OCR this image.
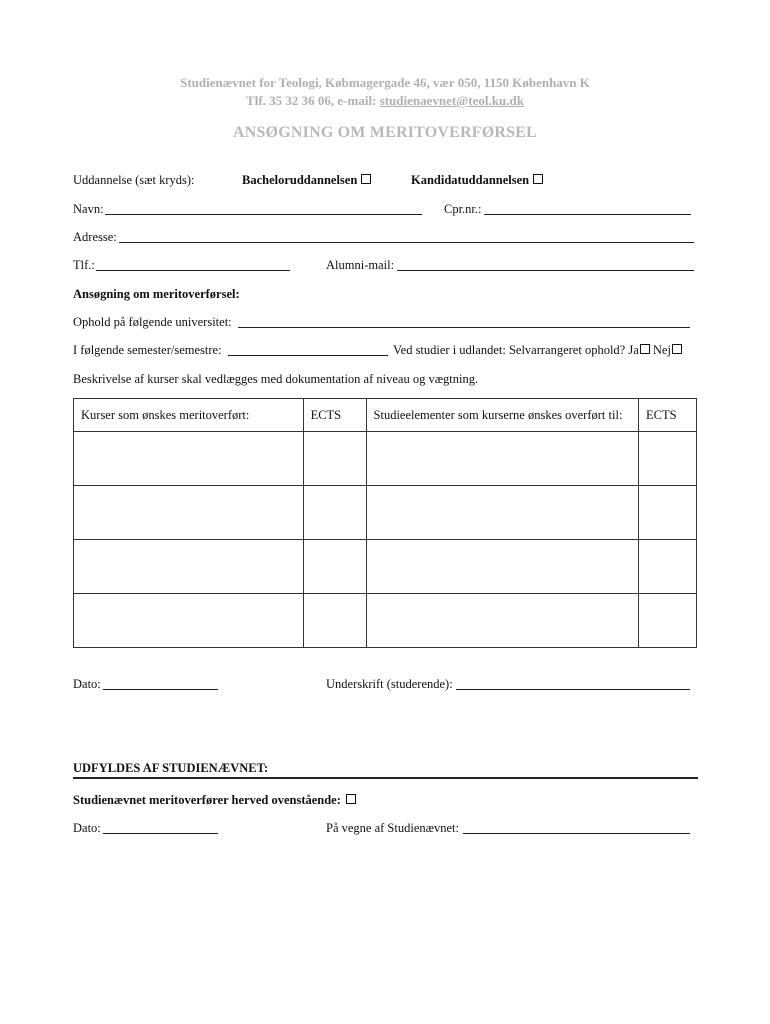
Studienævnet for Teologi, Købmagergade 46, vær 050, 1150 København K
Tlf. 35 32 36 06, e-mail: studienaevnet@teol.ku.dk
ANSØGNING OM MERITOVERFØRSEL
Uddannelse (sæt kryds):	Bacheloruddannelsen	Kandidatuddannelsen
Navn:	Cpr.nr.:
Adresse:
Tlf.:	Alumni-mail:
Ansøgning om meritoverførsel:
Ophold på følgende universitet:
I følgende semester/semestre:	Ved studier i udlandet: Selvarrangeret ophold? Ja Nej
Beskrivelse af kurser skal vedlægges med dokumentation af niveau og vægtning.
Kurser som ønskes meritoverført:	ECTS	Studieelementer som kurserne ønskes overført til:	ECTS

Dato:	Underskrift (studerende):
UDFYLDES AF STUDIENÆVNET:
Studienævnet meritoverfører herved ovenstående:
Dato:	På vegne af Studienævnet:
